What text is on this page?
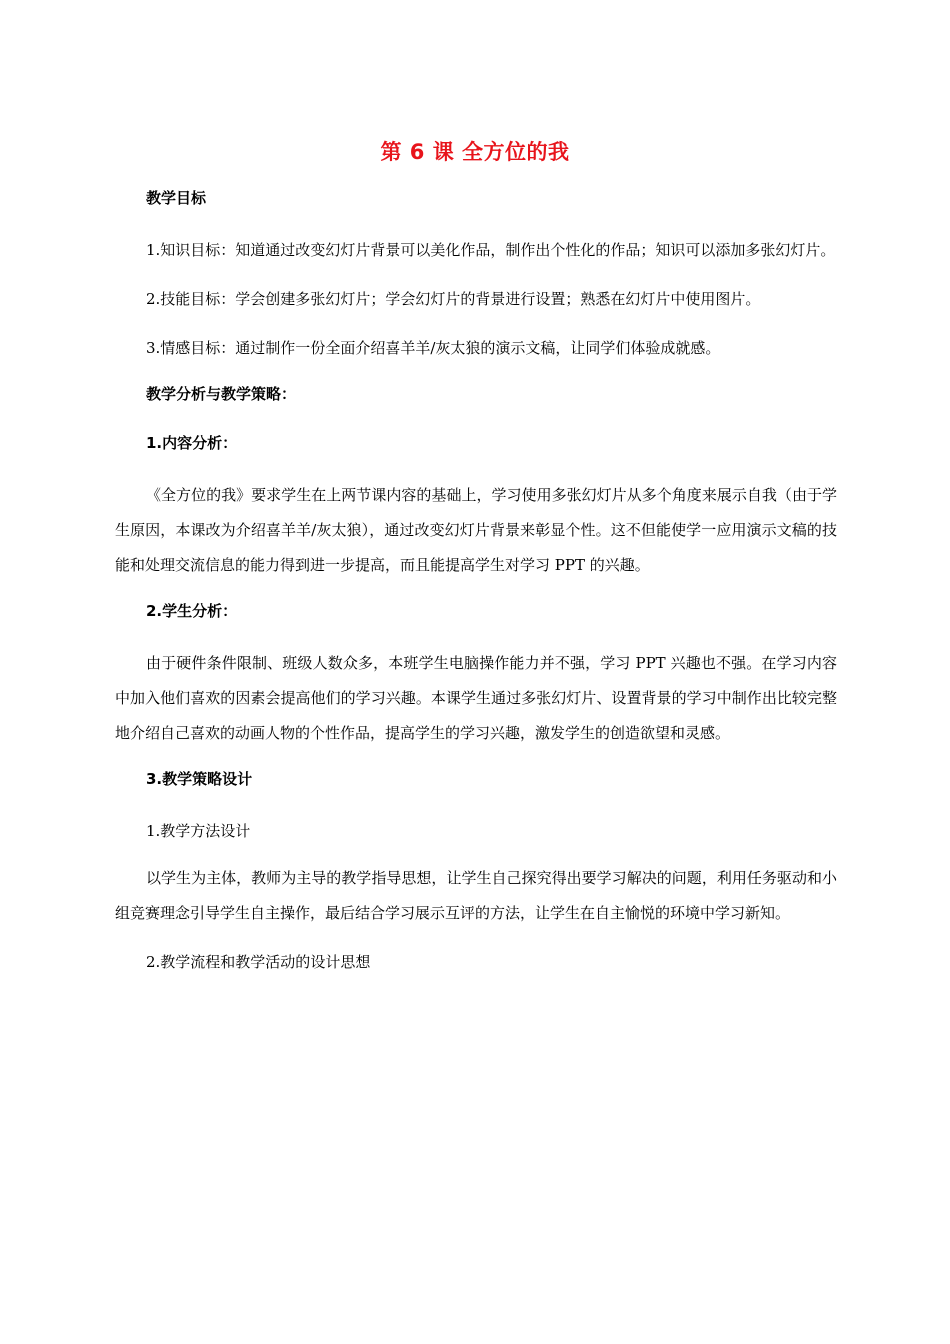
第 6 课 全方位的我
教学目标

1.知识目标：知道通过改变幻灯片背景可以美化作品，制作出个性化的作品；知识可以添加多张幻灯片。

2.技能目标：学会创建多张幻灯片；学会幻灯片的背景进行设置；熟悉在幻灯片中使用图片。

3.情感目标：通过制作一份全面介绍喜羊羊/灰太狼的演示文稿，让同学们体验成就感。

教学分析与教学策略：
1.内容分析：

《全方位的我》要求学生在上两节课内容的基础上，学习使用多张幻灯片从多个角度来展示自我（由于学生原因，本课改为介绍喜羊羊/灰太狼），通过改变幻灯片背景来彰显个性。这不但能使学一应用演示文稿的技能和处理交流信息的能力得到进一步提高，而且能提高学生对学习 PPT 的兴趣。

2.学生分析：

由于硬件条件限制、班级人数众多，本班学生电脑操作能力并不强，学习 PPT 兴趣也不强。在学习内容中加入他们喜欢的因素会提高他们的学习兴趣。本课学生通过多张幻灯片、设置背景的学习中制作出比较完整地介绍自己喜欢的动画人物的个性作品，提高学生的学习兴趣，激发学生的创造欲望和灵感。

3.教学策略设计

1.教学方法设计

以学生为主体，教师为主导的教学指导思想，让学生自己探究得出要学习解决的问题，利用任务驱动和小组竞赛理念引导学生自主操作，最后结合学习展示互评的方法，让学生在自主愉悦的环境中学习新知。

2.教学流程和教学活动的设计思想
